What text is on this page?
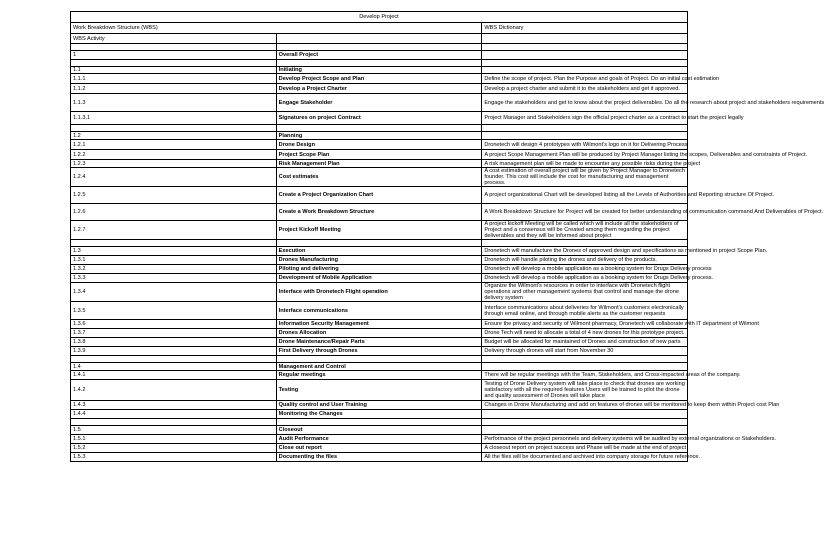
Develop Project		
Work Breakdown Structure (WBS)		WBS Dictionary
WBS Activity		

1	Overall Project	

1.1	Initiating	
1.1.1	Develop Project Scope and Plan	Define the scope of project. Plan the Purpose and goals of Project. Do an initial cost estimation
1.1.2	Develop a Project Charter	Develop a project charter and submit it to the stakeholders and get it approved.
1.1.3	Engage Stakeholder	Engage the stakeholders and get to know about the project deliverables. Do all the research about project and stakeholders requirements
1.1.3.1	Signatures on project Contract	Project Manager and Stakeholders sign the official project charter as a contract to start the project legally

1.2	Planning	
1.2.1	Drone Design	Dronetech will design 4 prototypes with Wilmont's logo on it for Delivering Process
1.2.2	Project Scope Plan	A project Scope Management Plan will be produced by Project Manager listing the scopes, Deliverables and constraints of Project.
1.2.3	Risk Management Plan	A risk management plan will be made to encounter any possible risks during the project
1.2.4	Cost estimates	A cost estimation of overall project will be given by Project Manager to Dronetech founder. This cost will include the cost for manufacturing and management process.
1.2.5	Create a Project Organization Chart	A project organizational Chart will be developed listing all the Levels of Authorities and Reporting structure Of Project.
1.2.6	Create a Work Breakdown Structure	A Work Breakdown Structure for Project will be created for better understanding of communication command And Deliverables of Project.
1.2.7	Project Kickoff Meeting	A project kickoff Meeting will be called which will include all the stakeholders of Project and a consensus will be Created among them regarding the project deliverables and they will be informed about project

1.3	Execution	Dronetech will manufacture the Drones of approved design and specifications as mentioned in project Scope Plan.
1.3.1	Drones Manufacturing	Dronetech will handle piloting the drones and delivery of the products.
1.3.2	Piloting and delivering	Dronetech will develop a mobile application as a booking system for Drugs Delivery process
1.3.3	Development of Mobile Application	Dronetech will develop a mobile application as a booking system for Drugs Delivery process.
1.3.4	Interface with Dronetech Flight operation	Organize the Wilmont's resources in order to interface with Dronetech flight operations and other management systems that control and manage the drone delivery system
1.3.5	Interface communications	Interface communications about deliveries for Wilmont's customers electronically through email online, and through mobile alerts as the customer requests
1.3.6	Information Security Management	Ensure the privacy and security of Wilmont pharmacy, Dronetech will collaborate with IT department of Wilmont
1.3.7	Drones Allocation	Drone Tech will need to allocate a total of 4 new drones for this prototype project.
1.3.8	Drone Maintenance/Repair Parts	Budget will be allocated for maintained of Drones and construction of new parts
1.3.9	First Delivery through Drones	Delivery through drones will start from November 30

1.4	Management and Control	
1.4.1	Regular meetings	There will be regular meetings with the Team, Stakeholders, and Cross-impacted areas of the company.
1.4.2	Testing	Testing of Drone Delivery system will take place to check that drones are working satisfactory with all the required features Users will be trained to pilot the drone and quality assessment of Drones will take place
1.4.3	Quality control and User Training	Changes in Drone Manufacturing and add on features of drones will be monitored to keep them within Project cost Plan
1.4.4	Monitoring the Changes	

1.5	Closeout	
1.5.1	Audit Performance	Performance of the project personnels and delivery systems will be audited by external organizations or Stakeholders.
1.5.2	Close out report	A closeout report on project success and Phase will be made at the end of project
1.5.3	Documenting the files	All the files will be documented and archived into company storage for future reference.
